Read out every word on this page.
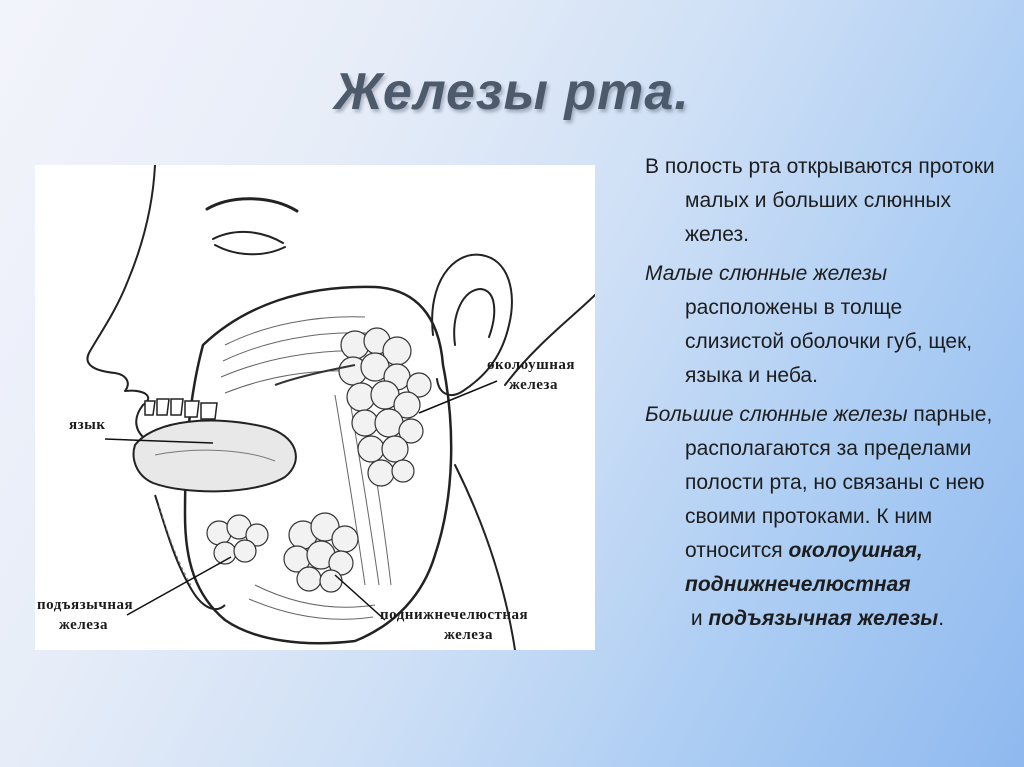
Железы рта.
язык
околоушная
железа
подъязычная
железа
поднижнечелюстная
железа

В полость рта открываются протоки малых и больших слюнных желез.

Малые слюнные железы расположены в толще слизистой оболочки губ, щек, языка и неба.

Большие слюнные железы парные, располагаются за пределами полости рта, но связаны с нею своими протоками. К ним относится околоушная, поднижнечелюстная и подъязычная железы.
